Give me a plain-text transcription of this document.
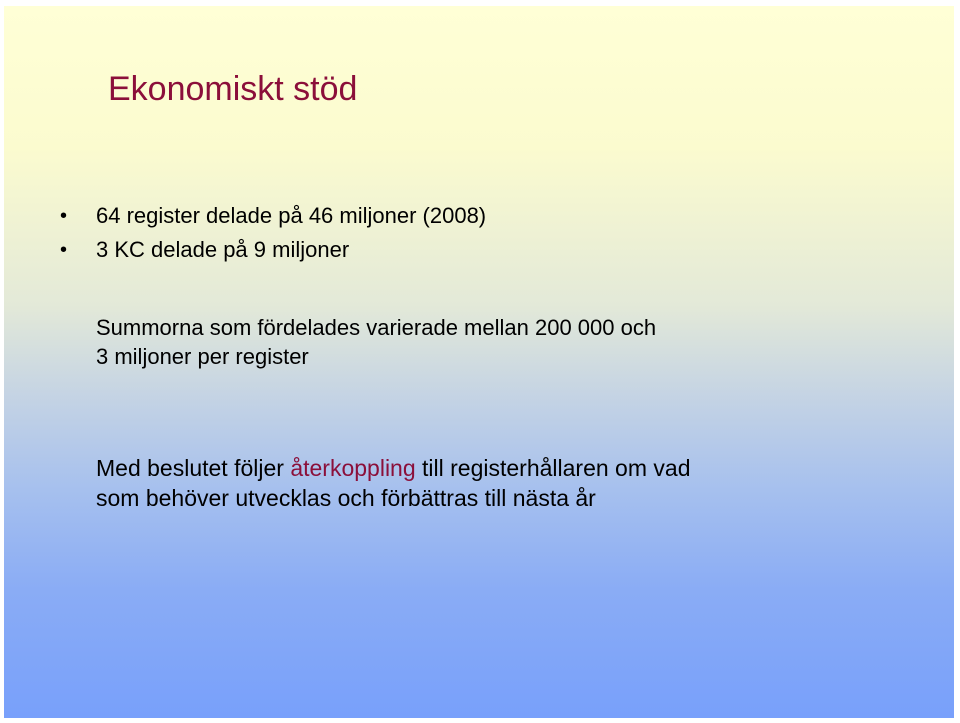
Ekonomiskt stöd
• 64 register delade på 46 miljoner (2008)
• 3 KC delade på 9 miljoner

Summorna som fördelades varierade mellan 200 000 och
3 miljoner per register

Med beslutet följer återkoppling till registerhållaren om vad
som behöver utvecklas och förbättras till nästa år
